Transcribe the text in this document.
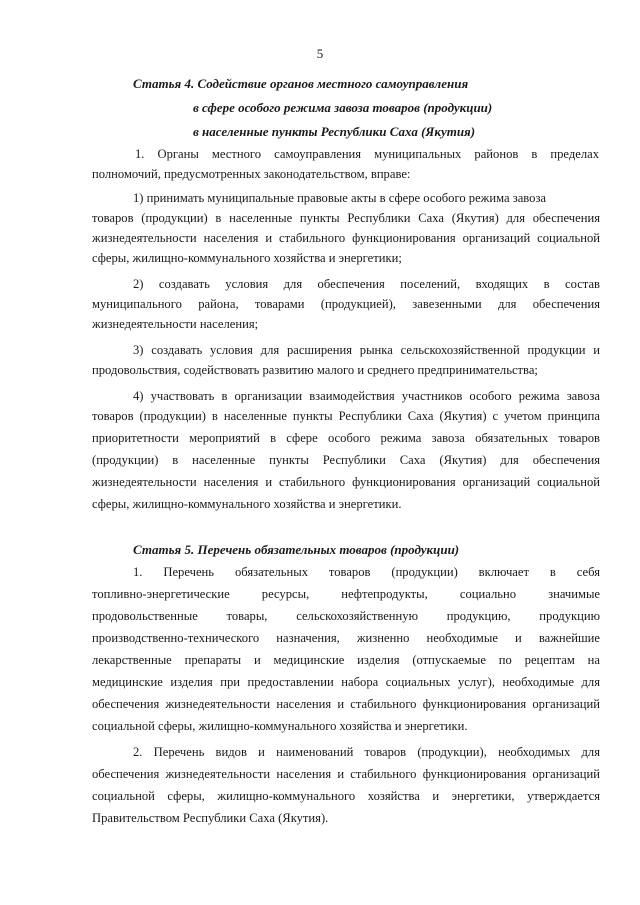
5
Статья 4. Содействие органов местного самоуправления
в сфере особого режима завоза товаров (продукции)
в населенные пункты Республики Саха (Якутия)
1. Органы местного самоуправления муниципальных районов в пределах
полномочий, предусмотренных законодательством, вправе:
1) принимать муниципальные правовые акты в сфере особого режима завоза
товаров (продукции) в населенные пункты Республики Саха (Якутия) для обеспечения
жизнедеятельности населения и стабильного функционирования организаций социальной
сферы, жилищно-коммунального хозяйства и энергетики;
2) создавать условия для обеспечения поселений, входящих в состав
муниципального района, товарами (продукцией), завезенными для обеспечения
жизнедеятельности населения;
3) создавать условия для расширения рынка сельскохозяйственной продукции и
продовольствия, содействовать развитию малого и среднего предпринимательства;
4) участвовать в организации взаимодействия участников особого режима завоза
товаров (продукции) в населенные пункты Республики Саха (Якутия) с учетом принципа
приоритетности мероприятий в сфере особого режима завоза обязательных товаров
(продукции) в населенные пункты Республики Саха (Якутия) для обеспечения
жизнедеятельности населения и стабильного функционирования организаций социальной
сферы, жилищно-коммунального хозяйства и энергетики.
Статья 5. Перечень обязательных товаров (продукции)
1. Перечень обязательных товаров (продукции) включает в себя
топливно-энергетические ресурсы, нефтепродукты, социально значимые
продовольственные товары, сельскохозяйственную продукцию, продукцию
производственно-технического назначения, жизненно необходимые и важнейшие
лекарственные препараты и медицинские изделия (отпускаемые по рецептам на
медицинские изделия при предоставлении набора социальных услуг), необходимые для
обеспечения жизнедеятельности населения и стабильного функционирования организаций
социальной сферы, жилищно-коммунального хозяйства и энергетики.
2. Перечень видов и наименований товаров (продукции), необходимых для
обеспечения жизнедеятельности населения и стабильного функционирования организаций
социальной сферы, жилищно-коммунального хозяйства и энергетики, утверждается
Правительством Республики Саха (Якутия).
